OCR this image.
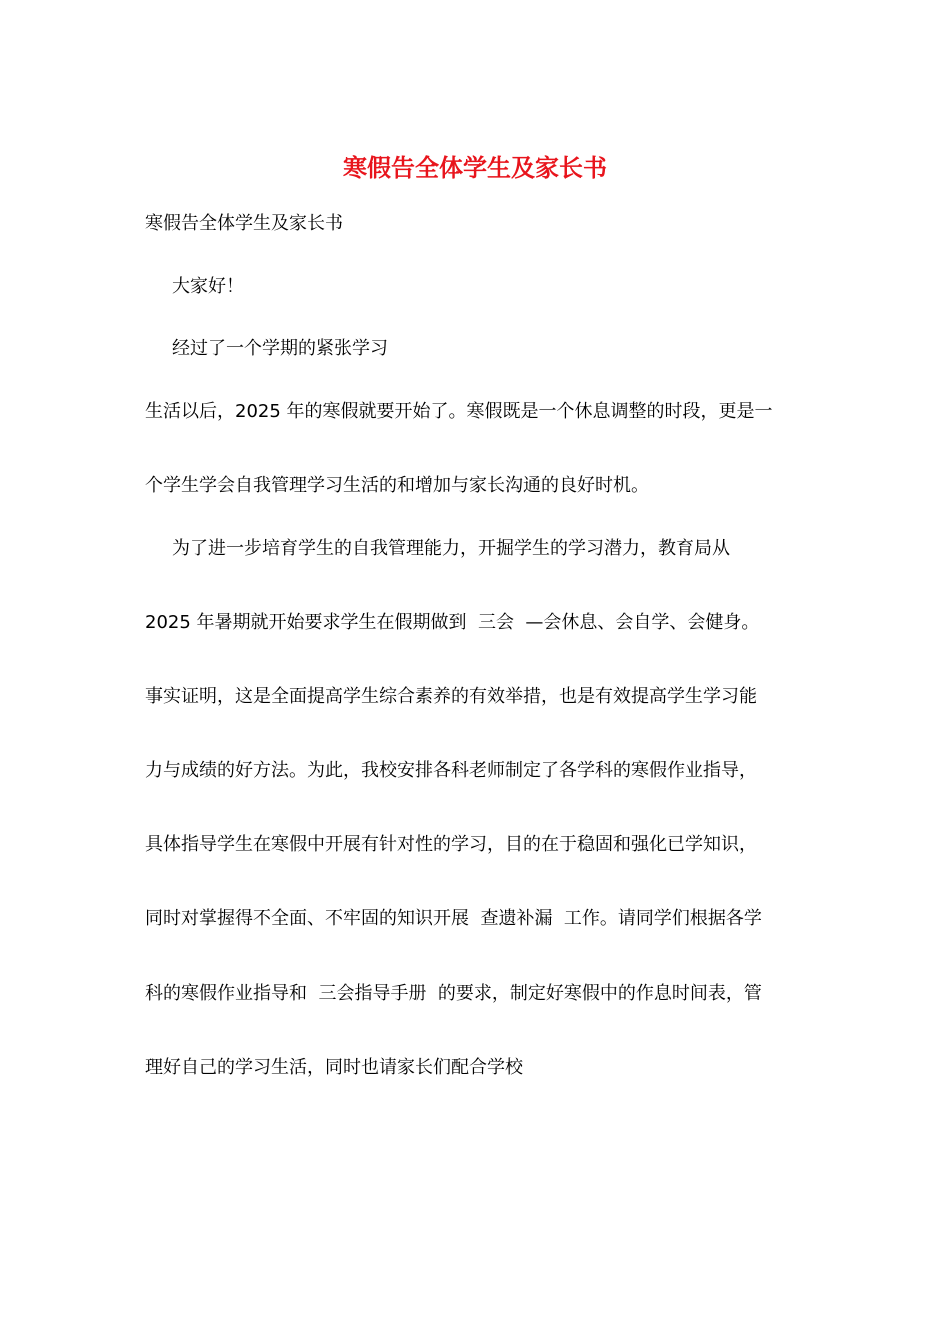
寒假告全体学生及家长书
寒假告全体学生及家长书
大家好！
经过了一个学期的紧张学习
生活以后，2025 年的寒假就要开始了。寒假既是一个休息调整的时段，更是一
个学生学会自我管理学习生活的和增加与家长沟通的良好时机。
为了进一步培育学生的自我管理能力，开掘学生的学习潜力，教育局从
2025 年暑期就开始要求学生在假期做到  三会  —会休息、会自学、会健身。
事实证明，这是全面提高学生综合素养的有效举措，也是有效提高学生学习能
力与成绩的好方法。为此，我校安排各科老师制定了各学科的寒假作业指导，
具体指导学生在寒假中开展有针对性的学习，目的在于稳固和强化已学知识，
同时对掌握得不全面、不牢固的知识开展  查遗补漏  工作。请同学们根据各学
科的寒假作业指导和  三会指导手册  的要求，制定好寒假中的作息时间表，管
理好自己的学习生活，同时也请家长们配合学校
